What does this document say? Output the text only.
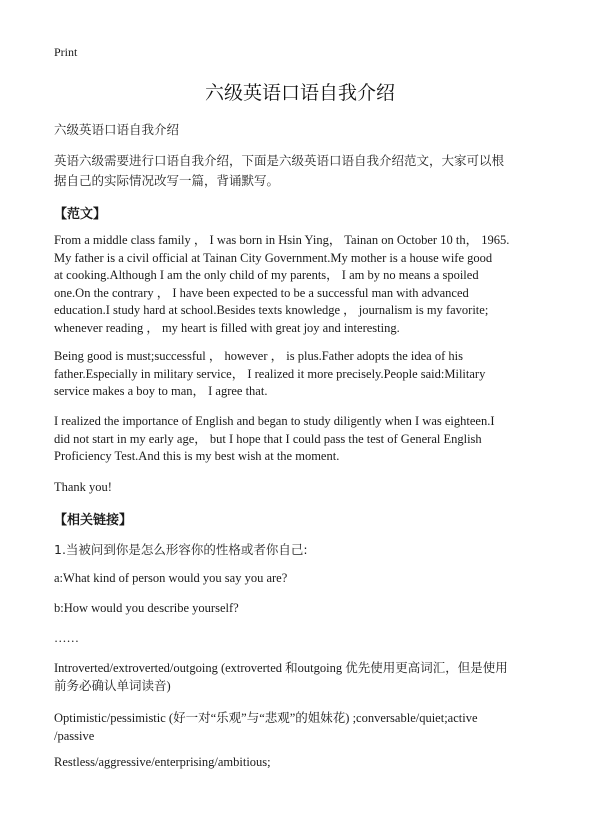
Print
六级英语口语自我介绍
六级英语口语自我介绍
英语六级需要进行口语自我介绍，下面是六级英语口语自我介绍范文，大家可以根
据自己的实际情况改写一篇，背诵默写。
【范文】
From a middle class family ， I was born in Hsin Ying， Tainan on October 10 th， 1965.
My father is a civil official at Tainan City Government.My mother is a house wife good
at cooking.Although I am the only child of my parents， I am by no means a spoiled
one.On the contrary ， I have been expected to be a successful man with advanced
education.I study hard at school.Besides texts knowledge ， journalism is my favorite;
whenever reading ， my heart is filled with great joy and interesting.
Being good is must;successful ， however ， is plus.Father adopts the idea of his
father.Especially in military service， I realized it more precisely.People said:Military
service makes a boy to man， I agree that.
I realized the importance of English and began to study diligently when I was eighteen.I
did not start in my early age， but I hope that I could pass the test of General English
Proficiency Test.And this is my best wish at the moment.
Thank you!
【相关链接】
1.当被问到你是怎么形容你的性格或者你自己:
a:What kind of person would you say you are?
b:How would you describe yourself?
……
Introverted/extroverted/outgoing (extroverted 和outgoing 优先使用更高词汇，但是使用
前务必确认单词读音)
Optimistic/pessimistic (好一对“乐观”与“悲观”的姐妹花) ;conversable/quiet;active
/passive
Restless/aggressive/enterprising/ambitious;
